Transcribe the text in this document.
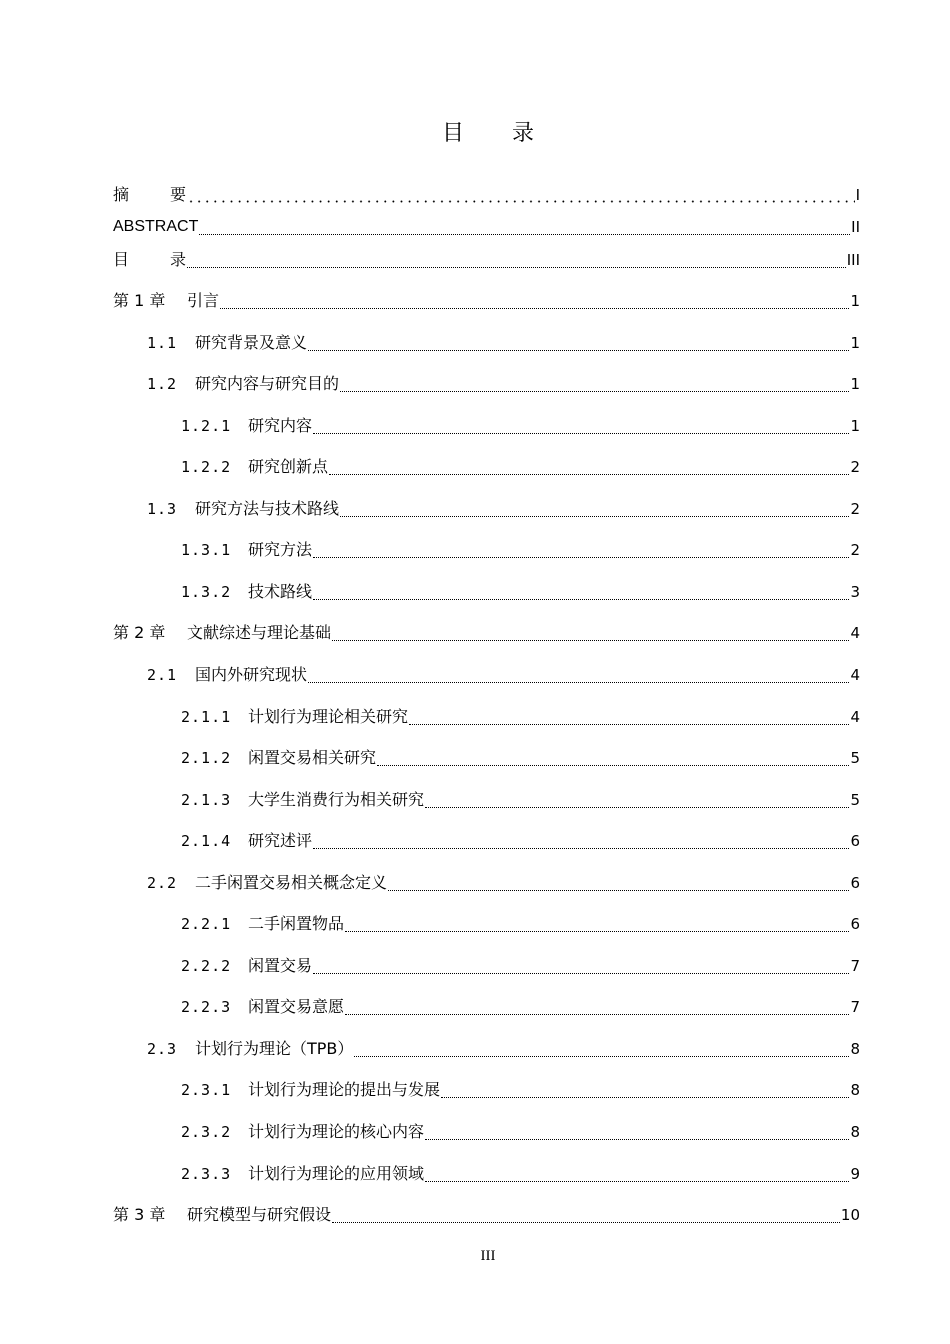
目 录
摘	要	I
ABSTRACT	II
目	录	III
第 1 章	引言	1
1.1	研究背景及意义	1
1.2	研究内容与研究目的	1
1.2.1	研究内容	1
1.2.2	研究创新点	2
1.3	研究方法与技术路线	2
1.3.1	研究方法	2
1.3.2	技术路线	3
第 2 章	文献综述与理论基础	4
2.1	国内外研究现状	4
2.1.1	计划行为理论相关研究	4
2.1.2	闲置交易相关研究	5
2.1.3	大学生消费行为相关研究	5
2.1.4	研究述评	6
2.2	二手闲置交易相关概念定义	6
2.2.1	二手闲置物品	6
2.2.2	闲置交易	7
2.2.3	闲置交易意愿	7
2.3	计划行为理论（TPB）	8
2.3.1	计划行为理论的提出与发展	8
2.3.2	计划行为理论的核心内容	8
2.3.3	计划行为理论的应用领域	9
第 3 章	研究模型与研究假设	10
III
